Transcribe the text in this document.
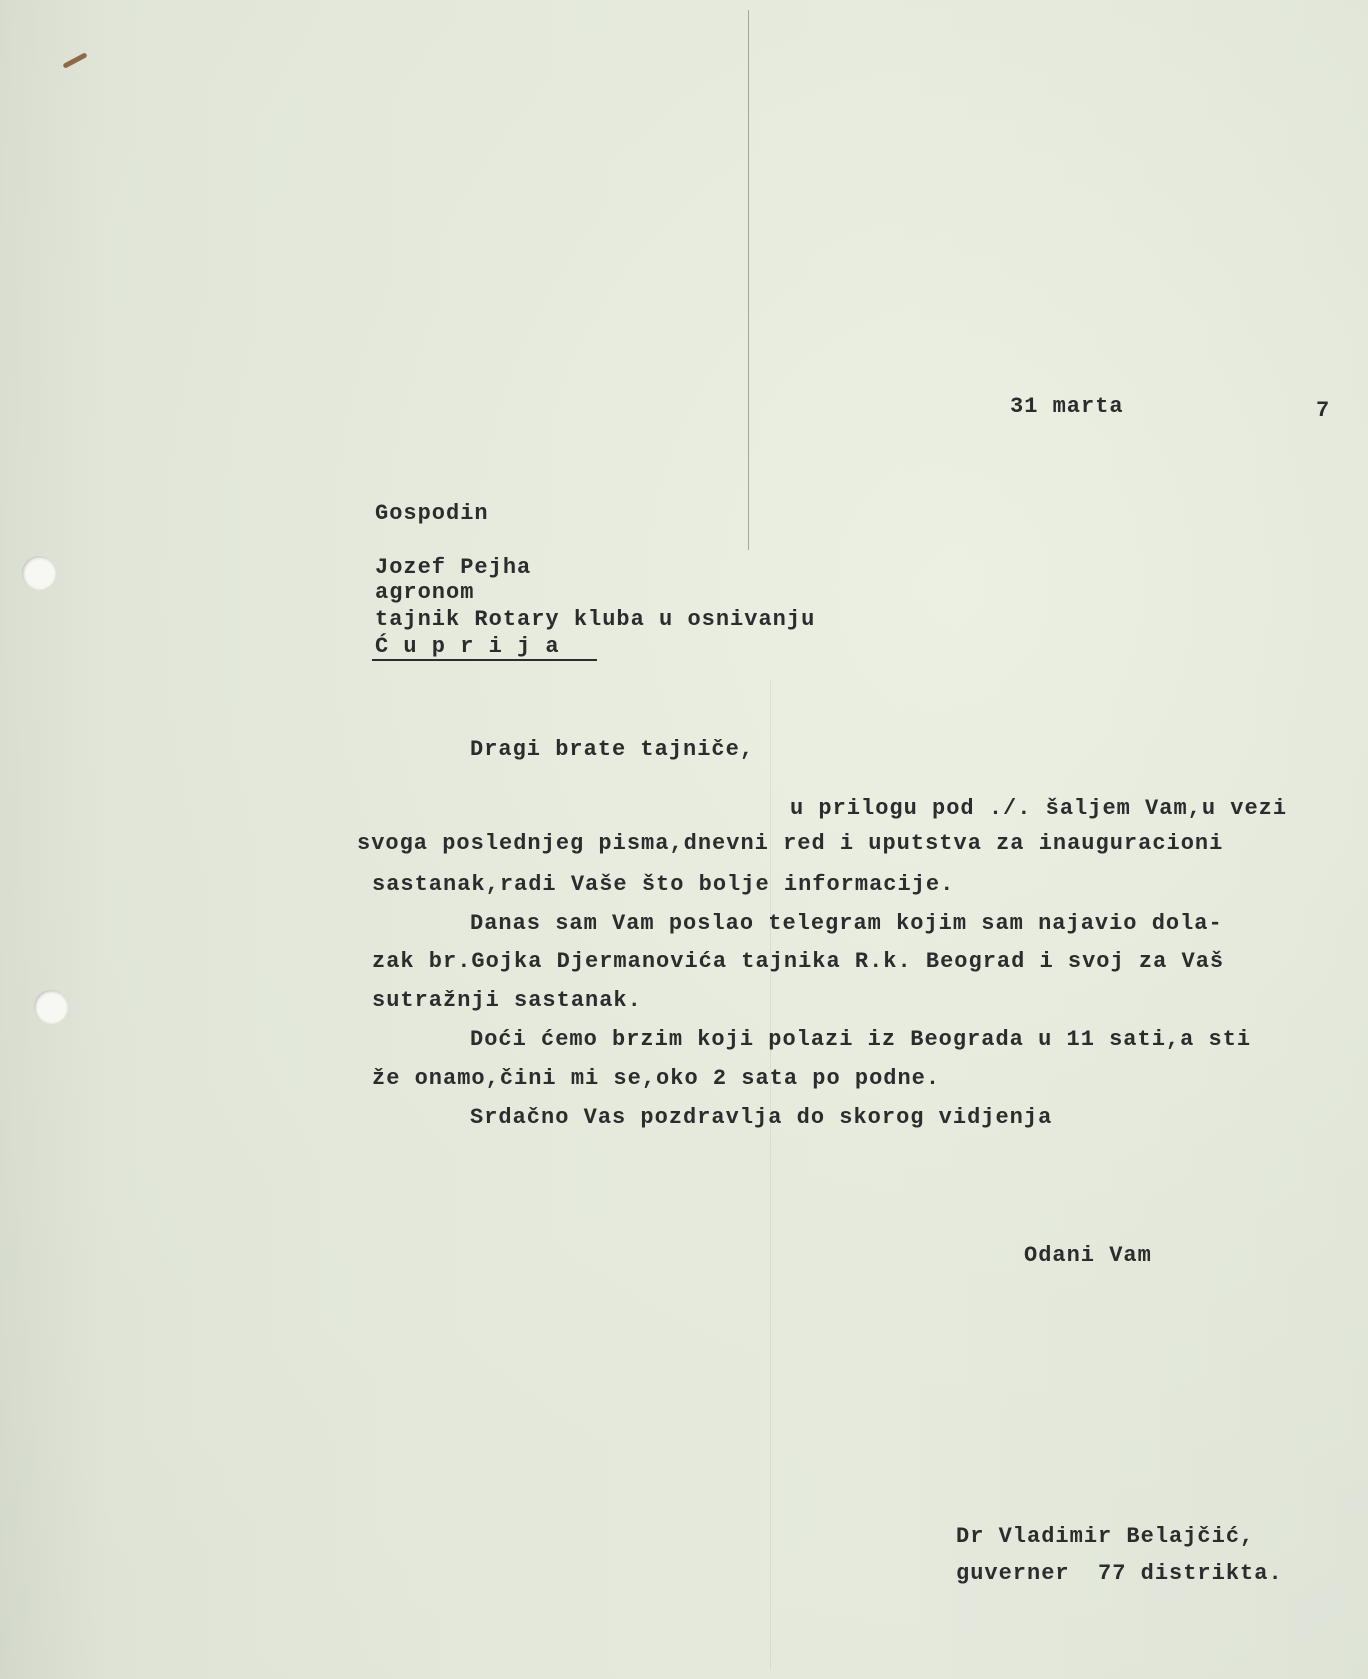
31 marta	7
Gospodin
Jozef Pejha
agronom
tajnik Rotary kluba u osnivanju
Ć u p r i j a
Dragi brate tajniče,
u prilogu pod ./. šaljem Vam,u vezi
svoga poslednjeg pisma,dnevni red i uputstva za inauguracioni
sastanak,radi Vaše što bolje informacije.
Danas sam Vam poslao telegram kojim sam najavio dola-
zak br.Gojka Djermanovića tajnika R.k. Beograd i svoj za Vaš
sutražnji sastanak.
Doći ćemo brzim koji polazi iz Beograda u 11 sati,a sti
že onamo,čini mi se,oko 2 sata po podne.
Srdačno Vas pozdravlja do skorog vidjenja
Odani Vam
Dr Vladimir Belajčić,
guverner  77 distrikta.
